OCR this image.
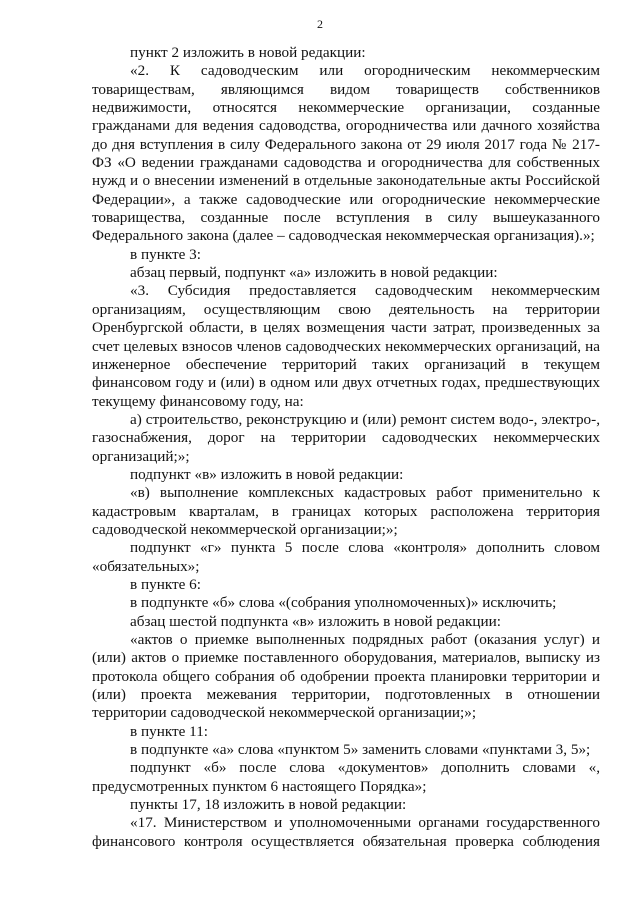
2

пункт 2 изложить в новой редакции:

«2. К садоводческим или огородническим некоммерческим товариществам, являющимся видом товариществ собственников недвижимости, относятся некоммерческие организации, созданные гражданами для ведения садоводства, огородничества или дачного хозяйства до дня вступления в силу Федерального закона от 29 июля 2017 года № 217-ФЗ «О ведении гражданами садоводства и огородничества для собственных нужд и о внесении изменений в отдельные законодательные акты Российской Федерации», а также садоводческие или огороднические некоммерческие товарищества, созданные после вступления в силу вышеуказанного Федерального закона (далее – садоводческая некоммерческая организация).»;

в пункте 3:

абзац первый, подпункт «а» изложить в новой редакции:

«3. Субсидия предоставляется садоводческим некоммерческим организациям, осуществляющим свою деятельность на территории Оренбургской области, в целях возмещения части затрат, произведенных за счет целевых взносов членов садоводческих некоммерческих организаций, на инженерное обеспечение территорий таких организаций в текущем финансовом году и (или) в одном или двух отчетных годах, предшествующих текущему финансовому году, на:

а) строительство, реконструкцию и (или) ремонт систем водо-, электро-, газоснабжения, дорог на территории садоводческих некоммерческих организаций;»;

подпункт «в» изложить в новой редакции:

«в) выполнение комплексных кадастровых работ применительно к кадастровым кварталам, в границах которых расположена территория садоводческой некоммерческой организации;»;

подпункт «г» пункта 5 после слова «контроля» дополнить словом «обязательных»;

в пункте 6:

в подпункте «б» слова «(собрания уполномоченных)» исключить;

абзац шестой подпункта «в» изложить в новой редакции:

«актов о приемке выполненных подрядных работ (оказания услуг) и (или) актов о приемке поставленного оборудования, материалов, выписку из протокола общего собрания об одобрении проекта планировки территории и (или) проекта межевания территории, подготовленных в отношении территории садоводческой некоммерческой организации;»;

в пункте 11:

в подпункте «а» слова «пунктом 5» заменить словами «пунктами 3, 5»;

подпункт «б» после слова «документов» дополнить словами «, предусмотренных пунктом 6 настоящего Порядка»;

пункты 17, 18 изложить в новой редакции:

«17. Министерством и уполномоченными органами государственного финансового контроля осуществляется обязательная проверка соблюдения
